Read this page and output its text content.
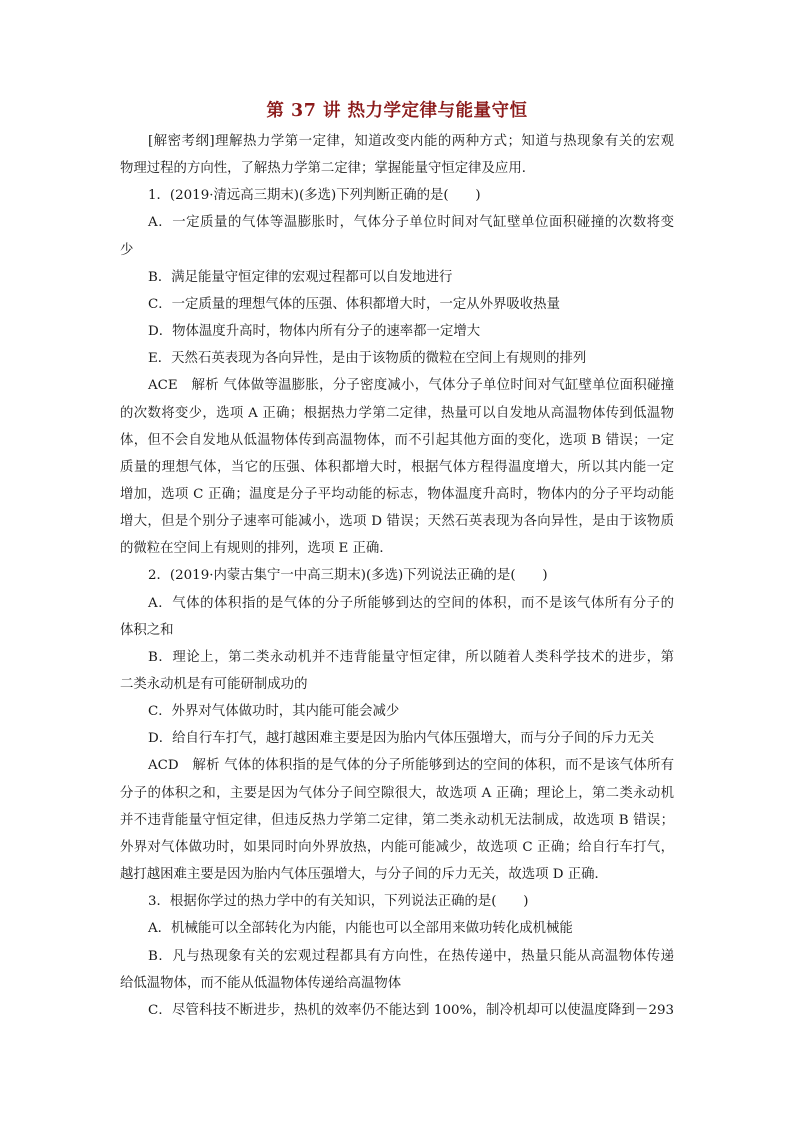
第 37 讲 热力学定律与能量守恒
[解密考纲]理解热力学第一定律，知道改变内能的两种方式；知道与热现象有关的宏观
物理过程的方向性，了解热力学第二定律；掌握能量守恒定律及应用．
1．(2019·清远高三期末)(多选)下列判断正确的是(　　)
A．一定质量的气体等温膨胀时，气体分子单位时间对气缸壁单位面积碰撞的次数将变
少
B．满足能量守恒定律的宏观过程都可以自发地进行
C．一定质量的理想气体的压强、体积都增大时，一定从外界吸收热量
D．物体温度升高时，物体内所有分子的速率都一定增大
E．天然石英表现为各向异性，是由于该物质的微粒在空间上有规则的排列
ACE　解析 气体做等温膨胀，分子密度减小，气体分子单位时间对气缸壁单位面积碰撞
的次数将变少，选项 A 正确；根据热力学第二定律，热量可以自发地从高温物体传到低温物
体，但不会自发地从低温物体传到高温物体，而不引起其他方面的变化，选项 B 错误；一定
质量的理想气体，当它的压强、体积都增大时，根据气体方程得温度增大，所以其内能一定
增加，选项 C 正确；温度是分子平均动能的标志，物体温度升高时，物体内的分子平均动能
增大，但是个别分子速率可能减小，选项 D 错误；天然石英表现为各向异性，是由于该物质
的微粒在空间上有规则的排列，选项 E 正确．
2．(2019·内蒙古集宁一中高三期末)(多选)下列说法正确的是(　　)
A．气体的体积指的是气体的分子所能够到达的空间的体积，而不是该气体所有分子的
体积之和
B．理论上，第二类永动机并不违背能量守恒定律，所以随着人类科学技术的进步，第
二类永动机是有可能研制成功的
C．外界对气体做功时，其内能可能会减少
D．给自行车打气，越打越困难主要是因为胎内气体压强增大，而与分子间的斥力无关
ACD　解析 气体的体积指的是气体的分子所能够到达的空间的体积，而不是该气体所有
分子的体积之和，主要是因为气体分子间空隙很大，故选项 A 正确；理论上，第二类永动机
并不违背能量守恒定律，但违反热力学第二定律，第二类永动机无法制成，故选项 B 错误；
外界对气体做功时，如果同时向外界放热，内能可能减少，故选项 C 正确；给自行车打气，
越打越困难主要是因为胎内气体压强增大，与分子间的斥力无关，故选项 D 正确．
3．根据你学过的热力学中的有关知识，下列说法正确的是(　　)
A．机械能可以全部转化为内能，内能也可以全部用来做功转化成机械能
B．凡与热现象有关的宏观过程都具有方向性，在热传递中，热量只能从高温物体传递
给低温物体，而不能从低温物体传递给高温物体
C．尽管科技不断进步，热机的效率仍不能达到 100%，制冷机却可以使温度降到－293
